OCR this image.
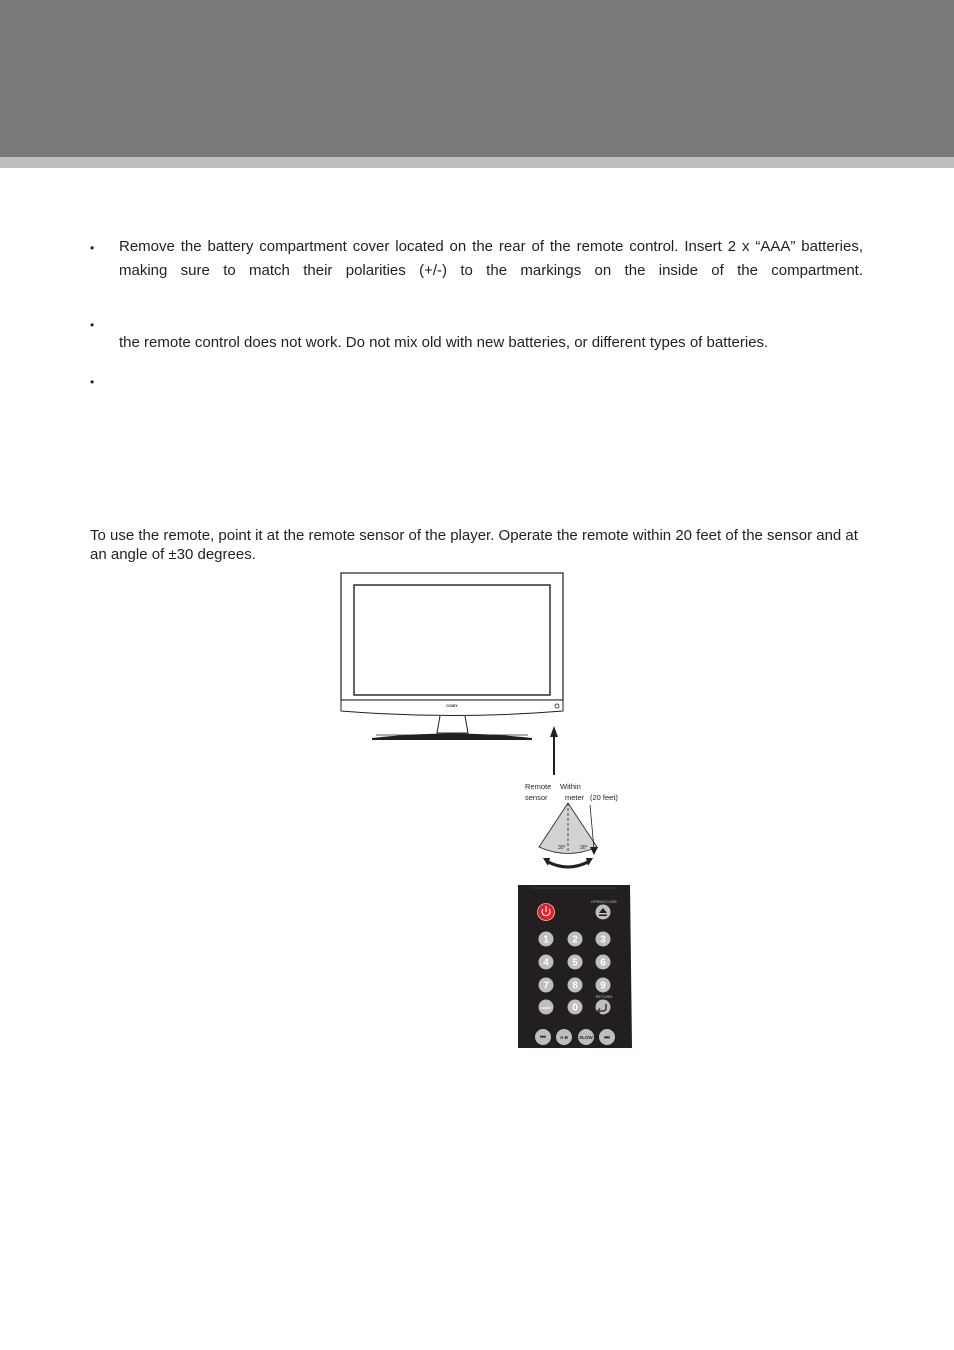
•	Remove the battery compartment cover located on the rear of the remote control. Insert 2 x “AAA” batteries, making sure to match their polarities (+/-) to the markings on the inside of the compartment.
•
the remote control does not work. Do not mix old with new batteries, or different types of batteries.
•
To use the remote, point it at the remote sensor of the player. Operate the remote within 20 feet of the sensor and at an angle of ±30 degrees.
COBY
Remote
sensor
Within
meter (20 feet)
30°	30°
OPEN/CLOSE
1 2 3
4 5 6
7 8 9
— 0
RETURN
⏮	A-B	SLOW ⏭
